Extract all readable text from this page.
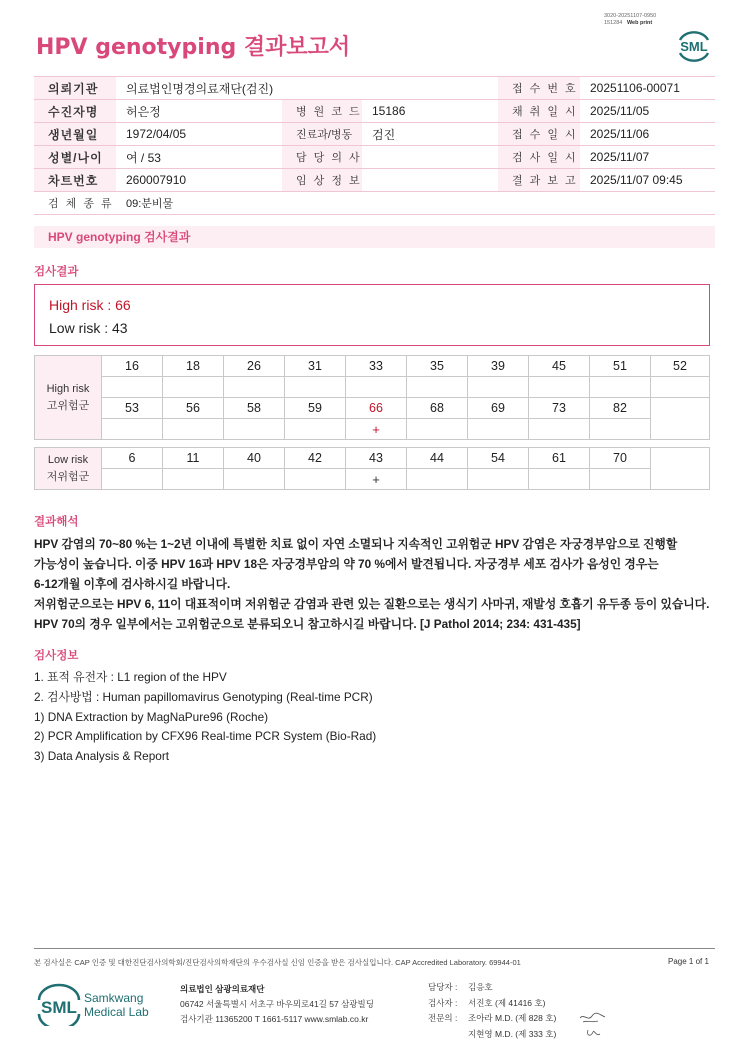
HPV genotyping 결과보고서
3020-20251107-0950
151284 Web print
SML
의뢰기관	의료법인명경의료재단(검진)			접 수 번 호	20251106-00071
수진자명	허은정	병 원 코 드	15186	채 취 일 시	2025/11/05
생년월일	1972/04/05	진료과/병동	검진	접 수 일 시	2025/11/06
성별/나이	여 / 53	담 당 의 사		검 사 일 시	2025/11/07
차트번호	260007910	임 상 정 보		결 과 보 고	2025/11/07 09:45
검 체 종 류	09:분비물				
HPV genotyping 검사결과
검사결과
High risk : 66
Low risk : 43
High risk
고위험군	16	18	26	31	33	35	39	45	51	52

	53	56	58	59	66	68	69	73	82	
					+					
Low risk
저위험군	6	11	40	42	43	44	54	61	70	
					+					
결과해석
HPV 감염의 70~80 %는 1~2년 이내에 특별한 치료 없이 자연 소멸되나 지속적인 고위험군 HPV 감염은 자궁경부암으로 진행할
가능성이 높습니다. 이중 HPV 16과 HPV 18은 자궁경부암의 약 70 %에서 발견됩니다. 자궁경부 세포 검사가 음성인 경우는
6-12개월 이후에 검사하시길 바랍니다.
저위험군으로는 HPV 6, 11이 대표적이며 저위험군 감염과 관련 있는 질환으로는 생식기 사마귀, 재발성 호흡기 유두종 등이 있습니다.
HPV 70의 경우 일부에서는 고위험군으로 분류되오니 참고하시길 바랍니다. [J Pathol 2014; 234: 431-435]
검사정보
1. 표적 유전자 : L1 region of the HPV
2. 검사방법 : Human papillomavirus Genotyping (Real-time PCR)
1) DNA Extraction by MagNaPure96 (Roche)
2) PCR Amplification by CFX96 Real-time PCR System (Bio-Rad)
3) Data Analysis & Report
본 검사실은 CAP 인증 및 대한진단검사의학회/진단검사의학재단의 우수검사실 신임 인증을 받은 검사실입니다. CAP Accredited Laboratory. 69944-01	Page 1 of 1
SML Samkwang
Medical Lab
의료법인 삼광의료재단
06742 서울특별시 서초구 바우뫼로41길 57 삼광빌딩
검사기관 11365200 T 1661-5117 www.smlab.co.kr
담당자 : 김응호
검사자 : 서진호 (제 41416 호)
전문의 : 조아라 M.D. (제 828 호)
지현영 M.D. (제 333 호)
